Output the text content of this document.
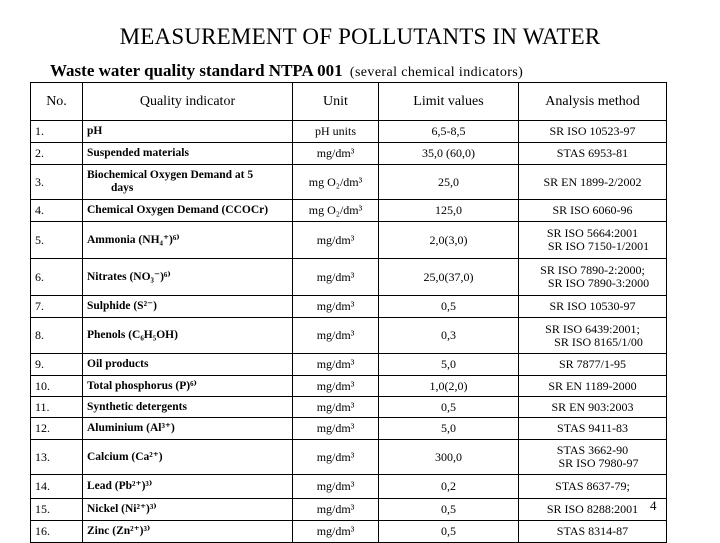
MEASUREMENT OF POLLUTANTS IN WATER
Waste water quality standard NTPA 001 (several chemical indicators)
No.	Quality indicator	Unit	Limit values	Analysis method
1.	pH	pH units	6,5-8,5	SR ISO 10523-97

2.	Suspended materials	mg/dm³	35,0 (60,0)	STAS 6953-81

3.	Biochemical Oxygen Demand at 5
days	mg O₂/dm³	25,0	SR EN 1899-2/2002

4.	Chemical Oxygen Demand (CCOCr)	mg O₂/dm³	125,0	SR ISO 6060-96

5.	Ammonia (NH₄⁺)⁶⁾	mg/dm³	2,0(3,0)	SR ISO 5664:2001
SR ISO 7150-1/2001

6.	Nitrates (NO₃⁻)⁶⁾	mg/dm³	25,0(37,0)	SR ISO 7890-2:2000;
SR ISO 7890-3:2000

7.	Sulphide (S²⁻)	mg/dm³	0,5	SR ISO 10530-97

8.	Phenols (C₆H₅OH)	mg/dm³	0,3	SR ISO 6439:2001;
SR ISO 8165/1/00

9.	Oil products	mg/dm³	5,0	SR 7877/1-95

10.	Total phosphorus (P)⁶⁾	mg/dm³	1,0(2,0)	SR EN 1189-2000

11.	Synthetic detergents	mg/dm³	0,5	SR EN 903:2003

12.	Aluminium (Al³⁺)	mg/dm³	5,0	STAS 9411-83

13.	Calcium (Ca²⁺)	mg/dm³	300,0	STAS 3662-90
SR ISO 7980-97

14.	Lead (Pb²⁺)³⁾	mg/dm³	0,2	STAS 8637-79;

15.	Nickel (Ni²⁺)³⁾	mg/dm³	0,5	SR ISO 8288:2001

16.	Zinc (Zn²⁺)³⁾	mg/dm³	0,5	STAS 8314-87
4
